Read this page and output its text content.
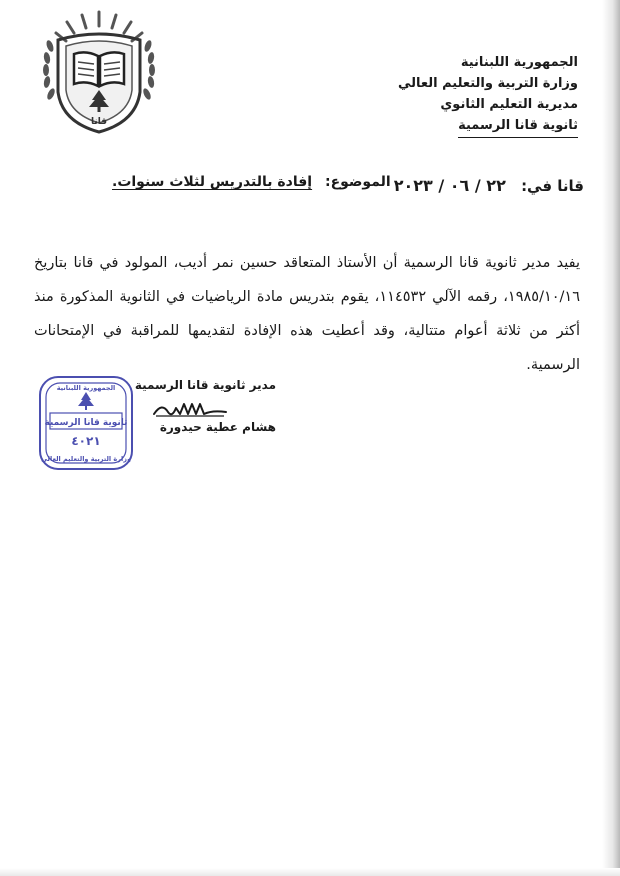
قانا
الجمهورية اللبنانية
وزارة التربية والتعليم العالي
مديرية التعليم الثانوي
ثانوية قانا الرسمية
قانا في: ٢٢ / ٠٦ / ٢٠٢٣
الموضوع: إفادة بالتدريس لثلاث سنوات.
يفيد مدير ثانوية قانا الرسمية أن الأستاذ المتعاقد حسين نمر أديب، المولود في قانا بتاريخ ١٩٨٥/١٠/١٦، رقمه الآلي ١١٤٥٣٢، يقوم بتدريس مادة الرياضيات في الثانوية المذكورة منذ أكثر من ثلاثة أعوام متتالية، وقد أعطيت هذه الإفادة لتقديمها للمراقبة في الإمتحانات الرسمية.
مدير ثانوية قانا الرسمية
هشام عطية حيدورة
الجمهورية اللبنانية
ثانوية قانا الرسمية
٤٠٢١
وزارة التربية والتعليم العالي
